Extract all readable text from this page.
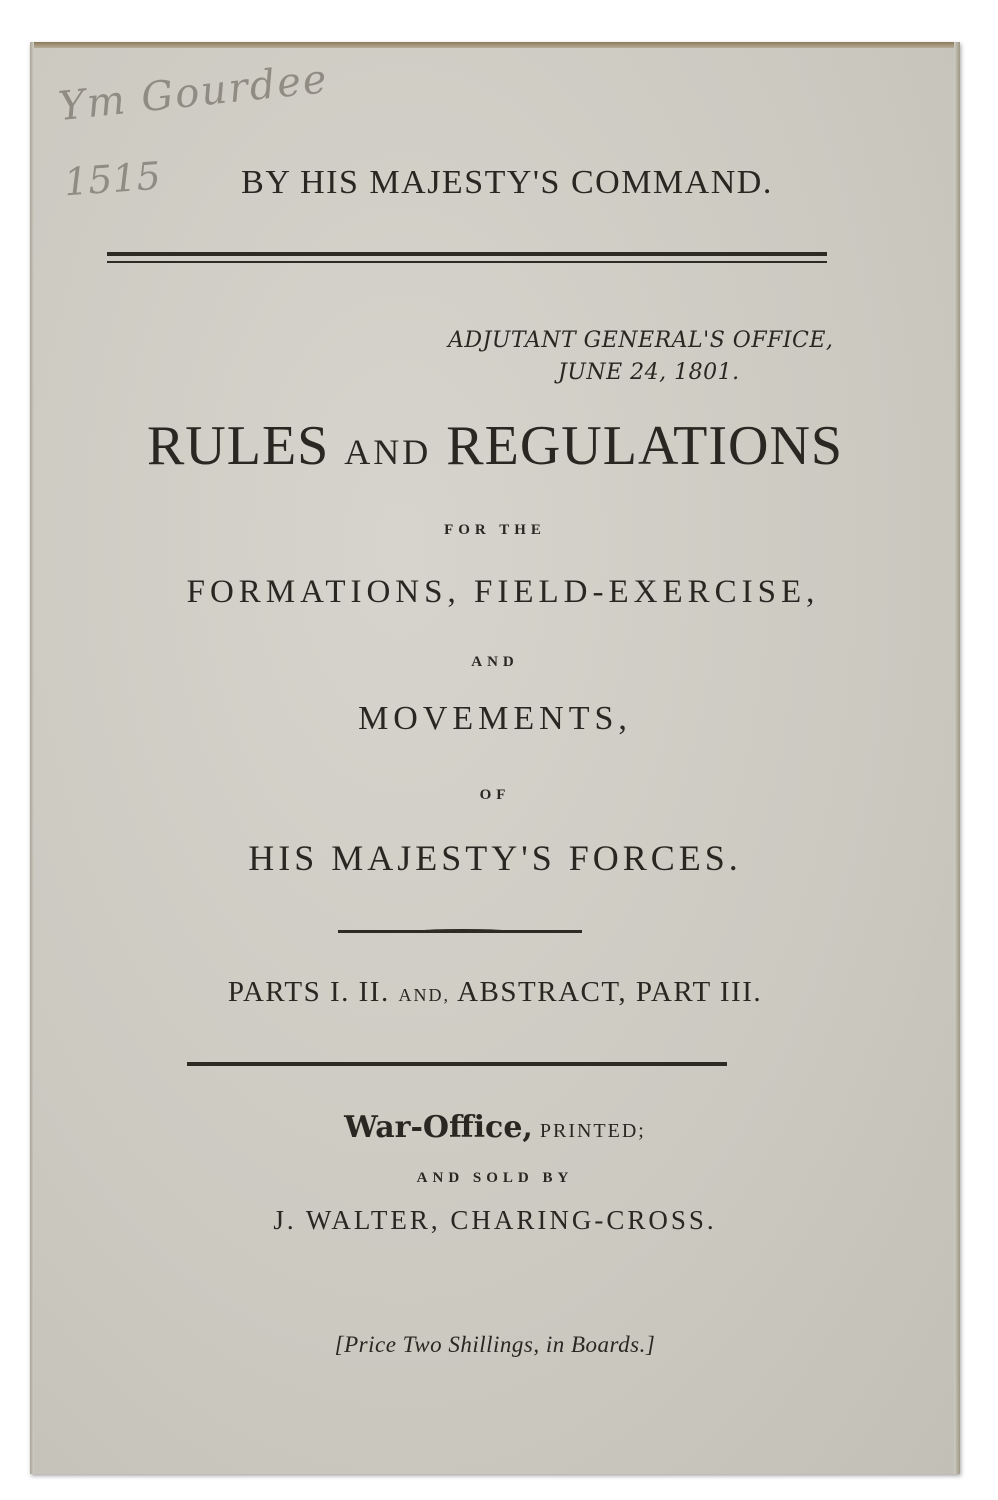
Ym Gourdee
1515	BY HIS MAJESTY'S COMMAND.
ADJUTANT GENERAL'S OFFICE,
JUNE 24, 1801.
RULES AND REGULATIONS
FOR THE
FORMATIONS, FIELD-EXERCISE,
AND
MOVEMENTS,
OF
HIS MAJESTY'S FORCES.
PARTS I. II. AND, ABSTRACT, PART III.
War-Office, PRINTED;
AND SOLD BY
J. WALTER, CHARING-CROSS.
[Price Two Shillings, in Boards.]
